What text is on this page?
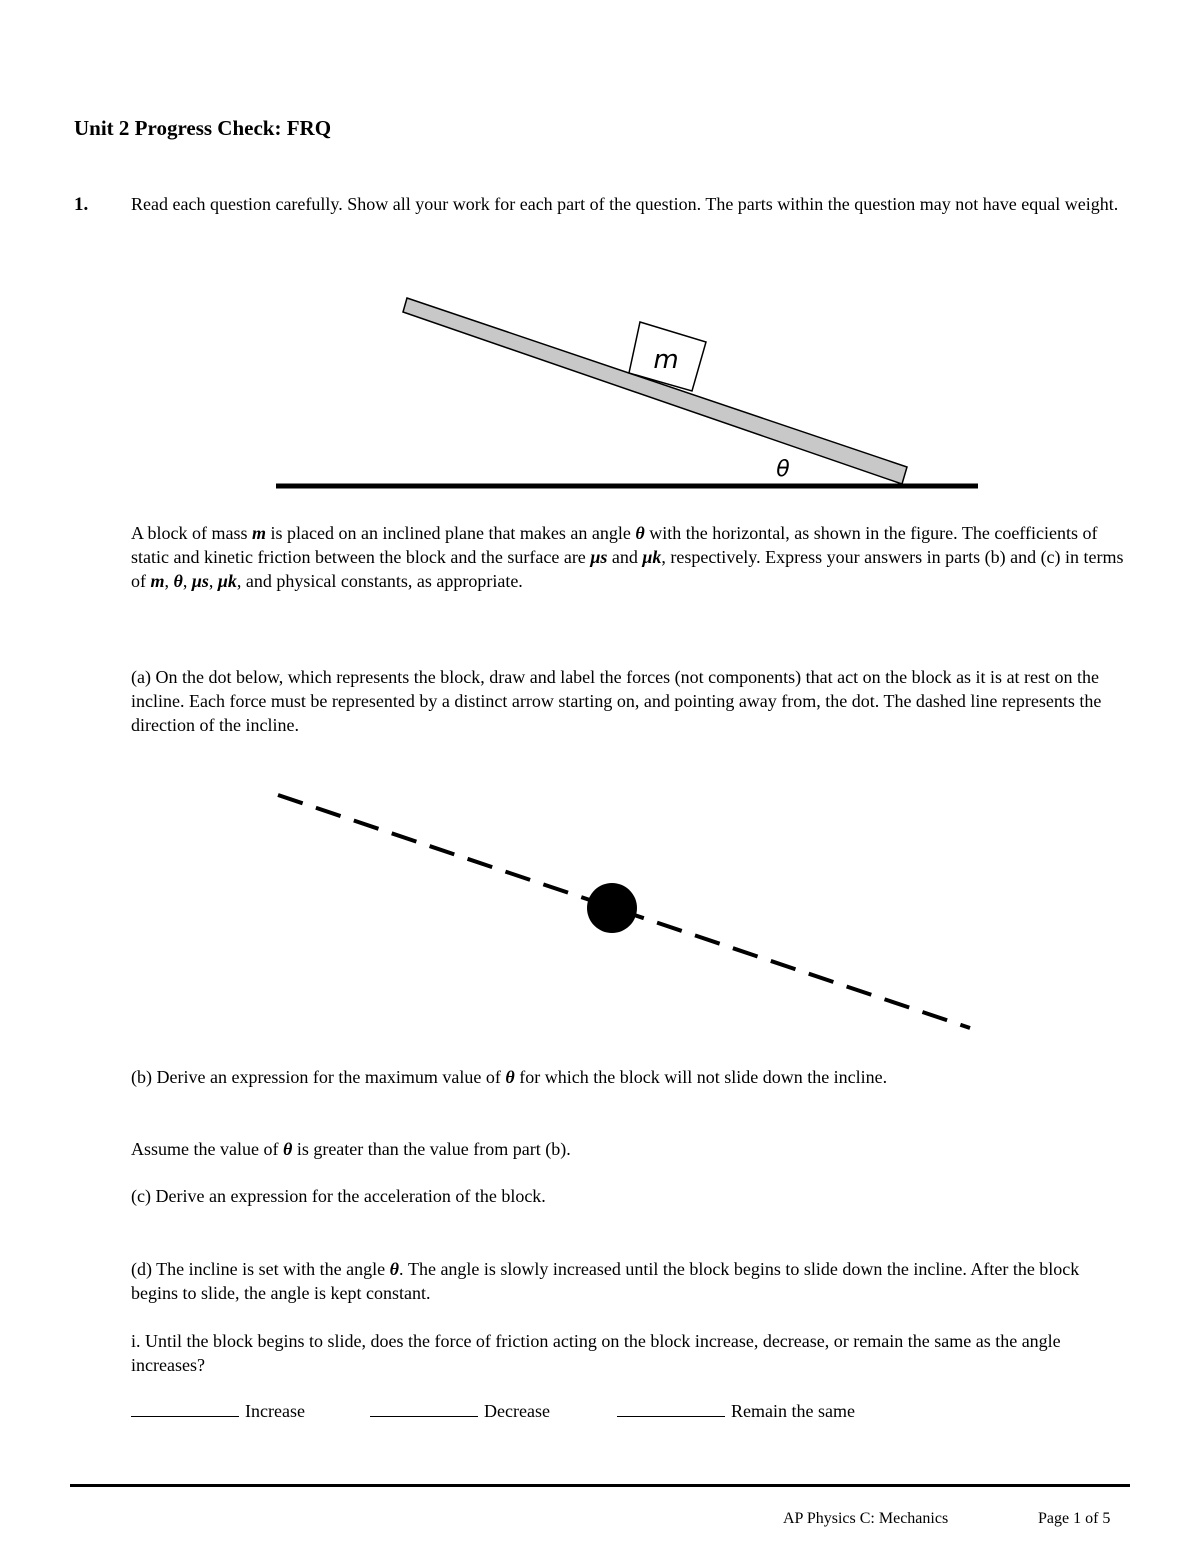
Unit 2 Progress Check: FRQ
1. Read each question carefully. Show all your work for each part of the question. The parts within the question may not have equal weight.
m
θ
A block of mass m is placed on an inclined plane that makes an angle θ with the horizontal, as shown in the figure. The coefficients of static and kinetic friction between the block and the surface are μs and μk, respectively. Express your answers in parts (b) and (c) in terms of m, θ, μs, μk, and physical constants, as appropriate.
(a) On the dot below, which represents the block, draw and label the forces (not components) that act on the block as it is at rest on the incline. Each force must be represented by a distinct arrow starting on, and pointing away from, the dot. The dashed line represents the direction of the incline.
(b) Derive an expression for the maximum value of θ for which the block will not slide down the incline.
Assume the value of θ is greater than the value from part (b).
(c) Derive an expression for the acceleration of the block.
(d) The incline is set with the angle θ. The angle is slowly increased until the block begins to slide down the incline. After the block begins to slide, the angle is kept constant.
i. Until the block begins to slide, does the force of friction acting on the block increase, decrease, or remain the same as the angle increases?
Increase	Decrease	Remain the same
AP Physics C: Mechanics	Page 1 of 5
